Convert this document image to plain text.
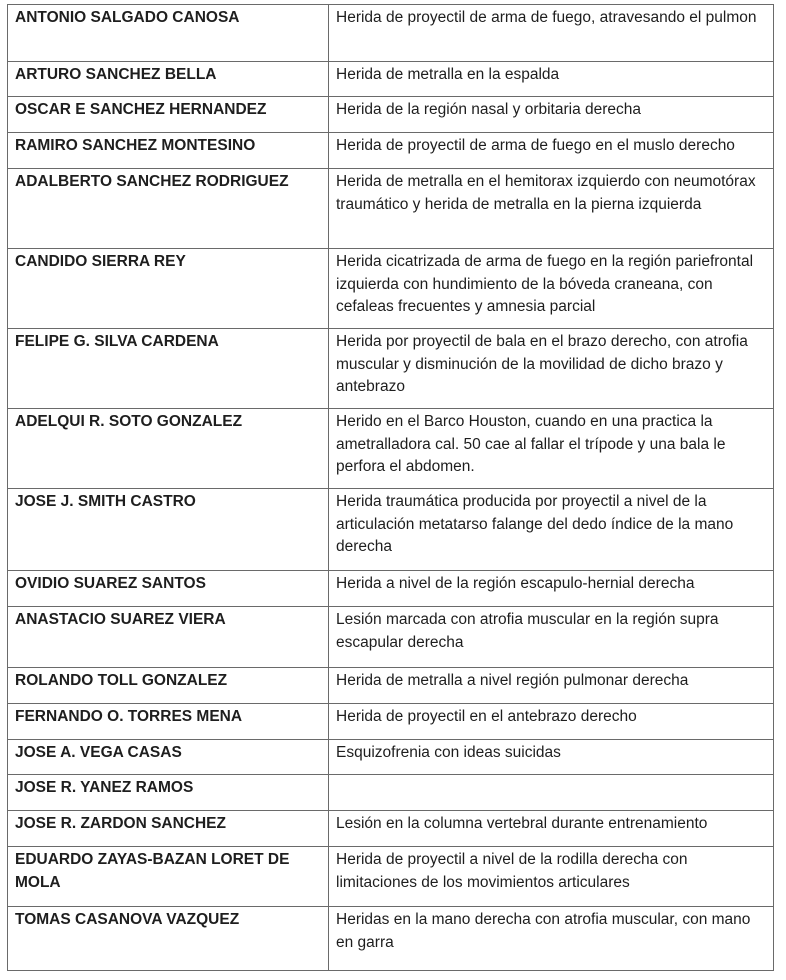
ANTONIO SALGADO CANOSA	Herida de proyectil de arma de fuego, atravesando el pulmon
ARTURO SANCHEZ BELLA	Herida de metralla en la espalda
OSCAR E SANCHEZ HERNANDEZ	Herida de la región nasal y orbitaria derecha
RAMIRO SANCHEZ MONTESINO	Herida de proyectil de arma de fuego en el muslo derecho
ADALBERTO SANCHEZ RODRIGUEZ	Herida de metralla en el hemitorax izquierdo con neumotórax traumático y herida de metralla en la pierna izquierda
CANDIDO SIERRA REY	Herida cicatrizada de arma de fuego en la región pariefrontal izquierda con hundimiento de la bóveda craneana, con cefaleas frecuentes y amnesia parcial
FELIPE G. SILVA CARDENA	Herida por proyectil de bala en el brazo derecho, con atrofia muscular y disminución de la movilidad de dicho brazo y antebrazo
ADELQUI R. SOTO GONZALEZ	Herido en el Barco Houston, cuando en una practica la ametralladora cal. 50 cae al fallar el trípode y una bala le perfora el abdomen.
JOSE J. SMITH CASTRO	Herida traumática producida por proyectil a nivel de la articulación metatarso falange del dedo índice de la mano derecha
OVIDIO SUAREZ SANTOS	Herida a nivel de la región escapulo-hernial derecha
ANASTACIO SUAREZ VIERA	Lesión marcada con atrofia muscular en la región supra escapular derecha
ROLANDO TOLL GONZALEZ	Herida de metralla a nivel región pulmonar derecha
FERNANDO O. TORRES MENA	Herida de proyectil en el antebrazo derecho
JOSE A. VEGA CASAS	Esquizofrenia con ideas suicidas
JOSE R. YANEZ RAMOS	
JOSE R. ZARDON SANCHEZ	Lesión en la columna vertebral durante entrenamiento
EDUARDO ZAYAS-BAZAN LORET DE MOLA	Herida de proyectil a nivel de la rodilla derecha con limitaciones de los movimientos articulares
TOMAS CASANOVA VAZQUEZ	Heridas en la mano derecha con atrofia muscular, con mano en garra
